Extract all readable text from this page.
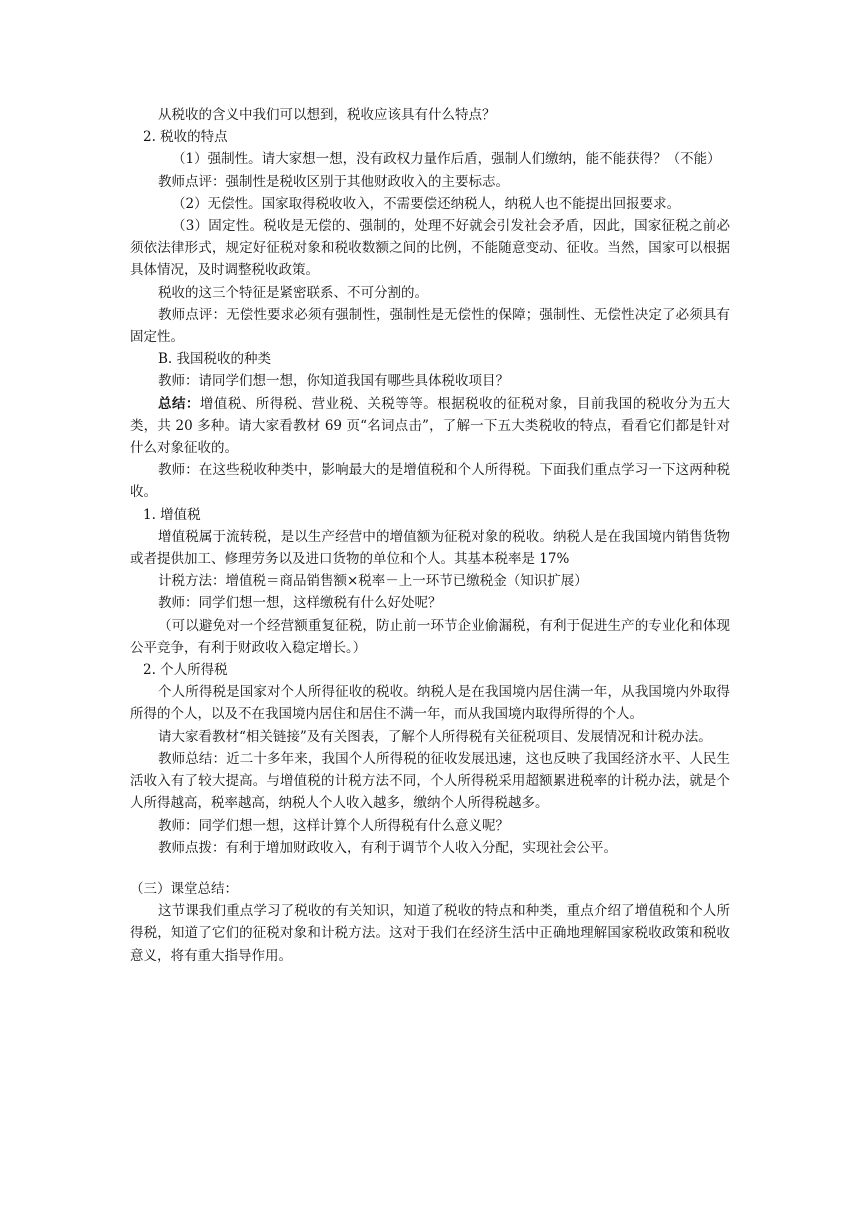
从税收的含义中我们可以想到，税收应该具有什么特点？

2. 税收的特点

（1）强制性。请大家想一想，没有政权力量作后盾，强制人们缴纳，能不能获得？（不能）

教师点评：强制性是税收区别于其他财政收入的主要标志。

（2）无偿性。国家取得税收收入，不需要偿还纳税人，纳税人也不能提出回报要求。

（3）固定性。税收是无偿的、强制的，处理不好就会引发社会矛盾，因此，国家征税之前必须依法律形式，规定好征税对象和税收数额之间的比例，不能随意变动、征收。当然，国家可以根据具体情况，及时调整税收政策。

税收的这三个特征是紧密联系、不可分割的。

教师点评：无偿性要求必须有强制性，强制性是无偿性的保障；强制性、无偿性决定了必须具有固定性。

B. 我国税收的种类

教师：请同学们想一想，你知道我国有哪些具体税收项目？

总结：增值税、所得税、营业税、关税等等。根据税收的征税对象，目前我国的税收分为五大类，共 20 多种。请大家看教材 69 页“名词点击”，了解一下五大类税收的特点，看看它们都是针对什么对象征收的。

教师：在这些税收种类中，影响最大的是增值税和个人所得税。下面我们重点学习一下这两种税收。

1. 增值税

增值税属于流转税，是以生产经营中的增值额为征税对象的税收。纳税人是在我国境内销售货物或者提供加工、修理劳务以及进口货物的单位和个人。其基本税率是 17%

计税方法：增值税＝商品销售额×税率－上一环节已缴税金（知识扩展）

教师：同学们想一想，这样缴税有什么好处呢？

（可以避免对一个经营额重复征税，防止前一环节企业偷漏税，有利于促进生产的专业化和体现公平竞争，有利于财政收入稳定增长。）

2. 个人所得税

个人所得税是国家对个人所得征收的税收。纳税人是在我国境内居住满一年，从我国境内外取得所得的个人，以及不在我国境内居住和居住不满一年，而从我国境内取得所得的个人。

请大家看教材“相关链接”及有关图表，了解个人所得税有关征税项目、发展情况和计税办法。

教师总结：近二十多年来，我国个人所得税的征收发展迅速，这也反映了我国经济水平、人民生活收入有了较大提高。与增值税的计税方法不同，个人所得税采用超额累进税率的计税办法，就是个人所得越高，税率越高，纳税人个人收入越多，缴纳个人所得税越多。

教师：同学们想一想，这样计算个人所得税有什么意义呢？

教师点拨：有利于增加财政收入，有利于调节个人收入分配，实现社会公平。

（三）课堂总结：

这节课我们重点学习了税收的有关知识，知道了税收的特点和种类，重点介绍了增值税和个人所得税，知道了它们的征税对象和计税方法。这对于我们在经济生活中正确地理解国家税收政策和税收意义，将有重大指导作用。
